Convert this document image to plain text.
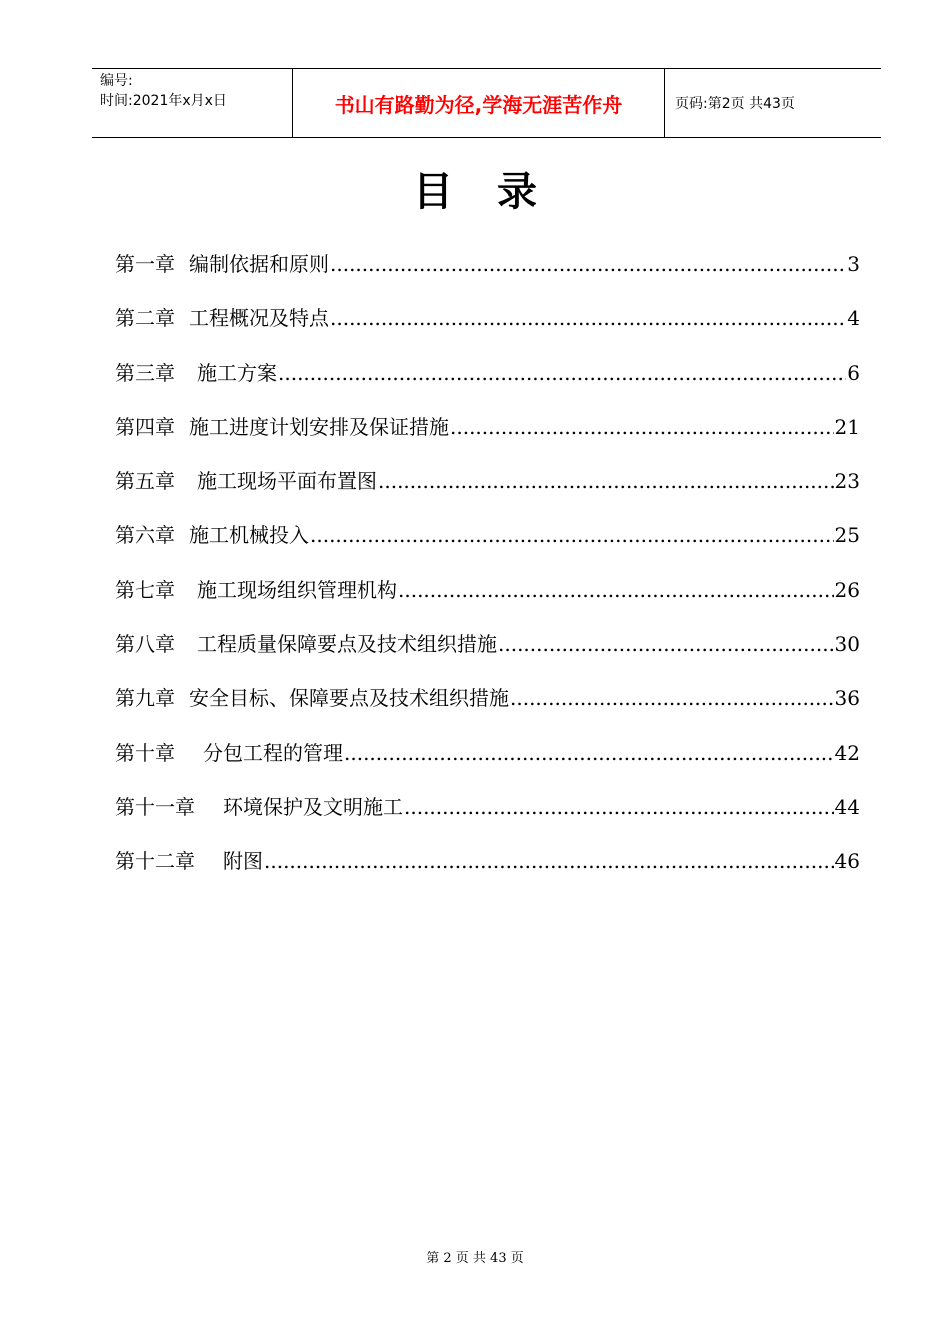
编号:
时间:2021年x月x日	书山有路勤为径,学海无涯苦作舟	页码:第2页 共43页
目录
第一章 编制依据和原则 .....	3
第二章 工程概况及特点 .....	4
第三章 施工方案 .....	6
第四章 施工进度计划安排及保证措施 .....	21
第五章 施工现场平面布置图 .....	23
第六章 施工机械投入 .....	25
第七章 施工现场组织管理机构 .....	26
第八章 工程质量保障要点及技术组织措施 .....	30
第九章 安全目标、保障要点及技术组织措施 .....	36
第十章 分包工程的管理 .....	42
第十一章 环境保护及文明施工 .....	44
第十二章 附图 .....	46
第 2 页 共 43 页
